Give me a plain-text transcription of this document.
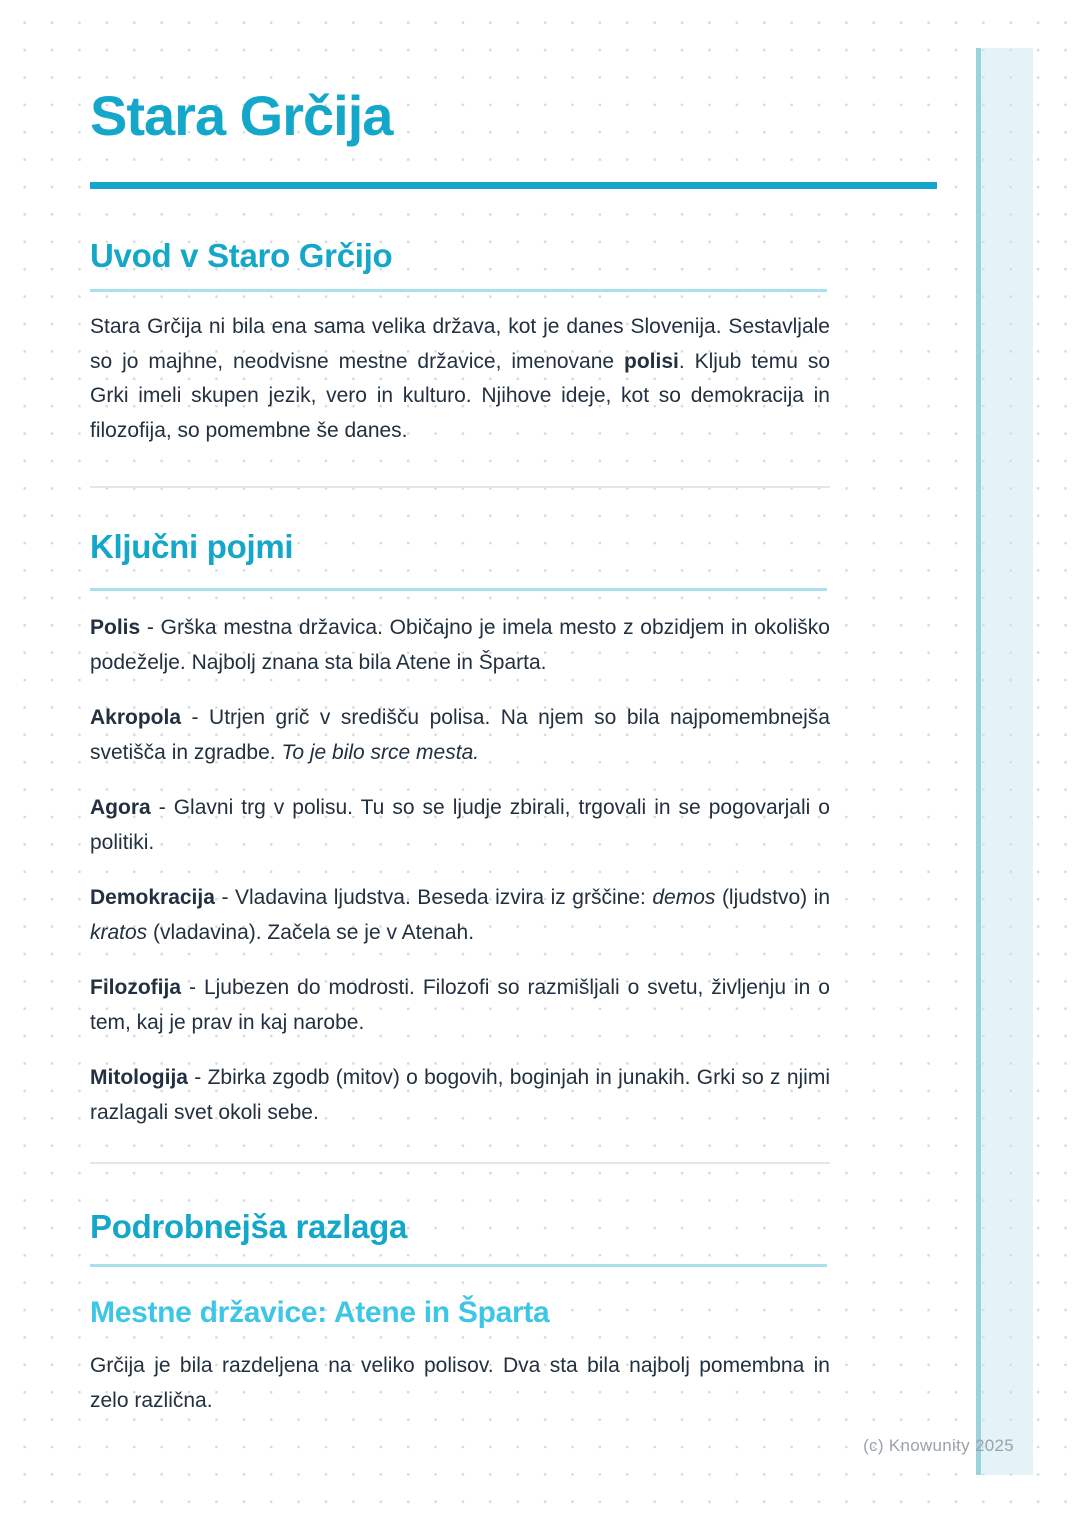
Stara Grčija
Uvod v Staro Grčijo

Stara Grčija ni bila ena sama velika država, kot je danes Slovenija. Sestavljale so jo majhne, neodvisne mestne državice, imenovane polisi. Kljub temu so Grki imeli skupen jezik, vero in kulturo. Njihove ideje, kot so demokracija in filozofija, so pomembne še danes.

Ključni pojmi

Polis - Grška mestna državica. Običajno je imela mesto z obzidjem in okoliško podeželje. Najbolj znana sta bila Atene in Šparta.

Akropola - Utrjen grič v središču polisa. Na njem so bila najpomembnejša svetišča in zgradbe. To je bilo srce mesta.

Agora - Glavni trg v polisu. Tu so se ljudje zbirali, trgovali in se pogovarjali o politiki.

Demokracija - Vladavina ljudstva. Beseda izvira iz grščine: demos (ljudstvo) in kratos (vladavina). Začela se je v Atenah.

Filozofija - Ljubezen do modrosti. Filozofi so razmišljali o svetu, življenju in o tem, kaj je prav in kaj narobe.

Mitologija - Zbirka zgodb (mitov) o bogovih, boginjah in junakih. Grki so z njimi razlagali svet okoli sebe.

Podrobnejša razlaga
Mestne državice: Atene in Šparta

Grčija je bila razdeljena na veliko polisov. Dva sta bila najbolj pomembna in zelo različna.

(c) Knowunity 2025
